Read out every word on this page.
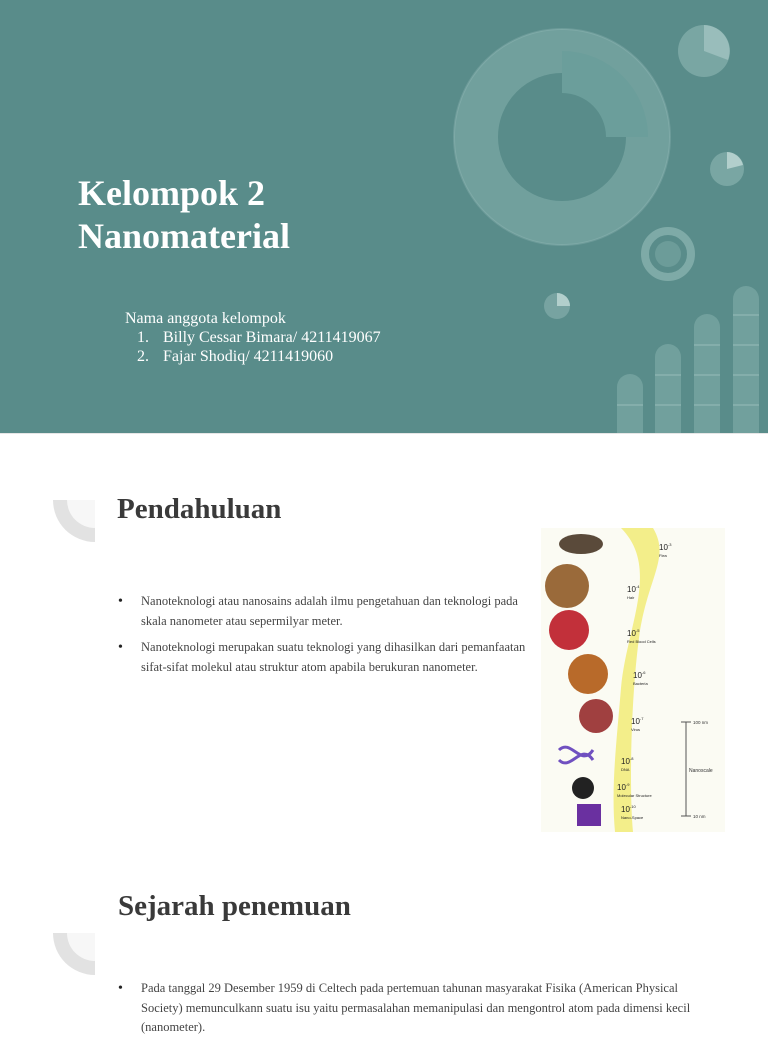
Kelompok 2
Nanomaterial
Nama anggota kelompok
1. Billy Cessar Bimara/ 4211419067
2. Fajar Shodiq/ 4211419060
Pendahuluan
• Nanoteknologi atau nanosains adalah ilmu pengetahuan dan teknologi pada skala nanometer atau sepermilyar meter.
• Nanoteknologi merupakan suatu teknologi yang dihasilkan dari pemanfaatan sifat-sifat molekul atau struktur atom apabila berukuran nanometer.
100 nm
Nanoscale
10 nm
$10^{-3}$
Flea
$10^{-4}$
Hair
$10^{-5}$
Red Blood Cells
$10^{-6}$
Bacteria
$10^{-7}$
Virus
$10^{-8}$
DNA
$10^{-9}$
Molecular Structure
$10^{-10}$
Nano-Space
Sejarah penemuan
• Pada tanggal 29 Desember 1959 di Celtech pada pertemuan tahunan masyarakat Fisika (American Physical Society) memunculkann suatu isu yaitu permasalahan memanipulasi dan mengontrol atom pada dimensi kecil (nanometer).
